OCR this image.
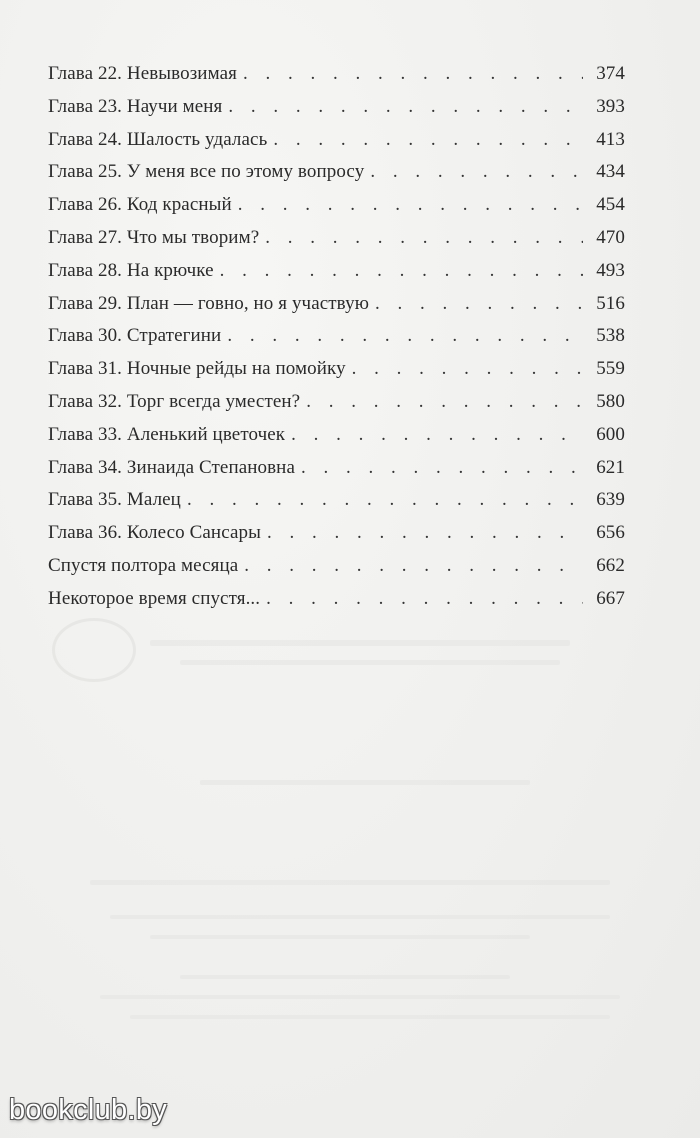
Глава 22. Невывозимая . . .	374
Глава 23. Научи меня . . .	393
Глава 24. Шалость удалась . . .	413
Глава 25. У меня все по этому вопросу . . .	434
Глава 26. Код красный . . .	454
Глава 27. Что мы творим? . . .	470
Глава 28. На крючке . . .	493
Глава 29. План — говно, но я участвую . . .	516
Глава 30. Стратегини . . .	538
Глава 31. Ночные рейды на помойку . . .	559
Глава 32. Торг всегда уместен? . . .	580
Глава 33. Аленький цветочек . . .	600
Глава 34. Зинаида Степановна . . .	621
Глава 35. Малец . . .	639
Глава 36. Колесо Сансары . . .	656
Спустя полтора месяца . . .	662
Некоторое время спустя... . . .	667
bookclub.by
